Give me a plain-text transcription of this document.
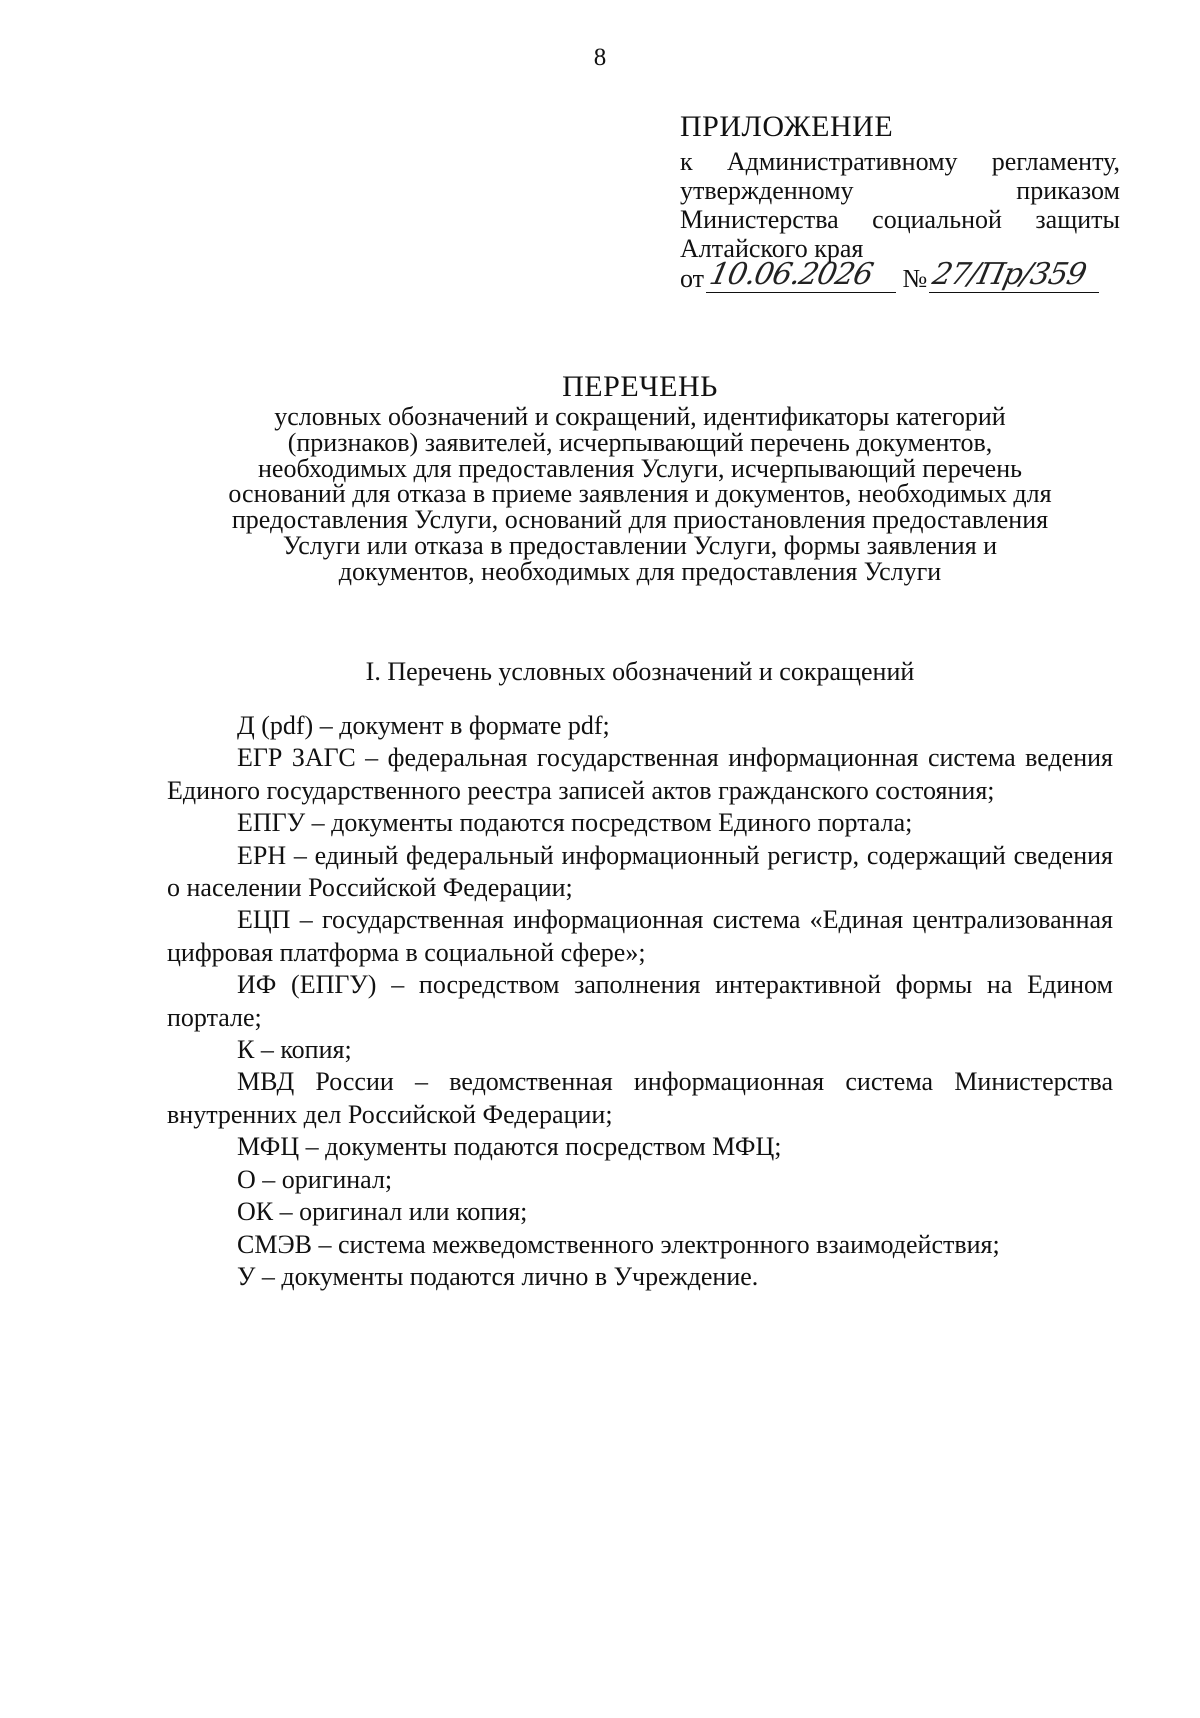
8
ПРИЛОЖЕНИЕ
к Административному регламенту, утвержденному приказом Министерства социальной защиты Алтайского края
от 10.06.2026 № 27/Пр/359
ПЕРЕЧЕНЬ
условных обозначений и сокращений, идентификаторы категорий (признаков) заявителей, исчерпывающий перечень документов, необходимых для предоставления Услуги, исчерпывающий перечень оснований для отказа в приеме заявления и документов, необходимых для предоставления Услуги, оснований для приостановления предоставления Услуги или отказа в предоставлении Услуги, формы заявления и документов, необходимых для предоставления Услуги
I. Перечень условных обозначений и сокращений

Д (pdf) – документ в формате pdf;

ЕГР ЗАГС – федеральная государственная информационная система ведения Единого государственного реестра записей актов гражданского состояния;

ЕПГУ – документы подаются посредством Единого портала;

ЕРН – единый федеральный информационный регистр, содержащий сведения о населении Российской Федерации;

ЕЦП – государственная информационная система «Единая централизованная цифровая платформа в социальной сфере»;

ИФ (ЕПГУ) – посредством заполнения интерактивной формы на Едином портале;

К – копия;

МВД России – ведомственная информационная система Министерства внутренних дел Российской Федерации;

МФЦ – документы подаются посредством МФЦ;

О – оригинал;

ОК – оригинал или копия;

СМЭВ – система межведомственного электронного взаимодействия;

У – документы подаются лично в Учреждение.
